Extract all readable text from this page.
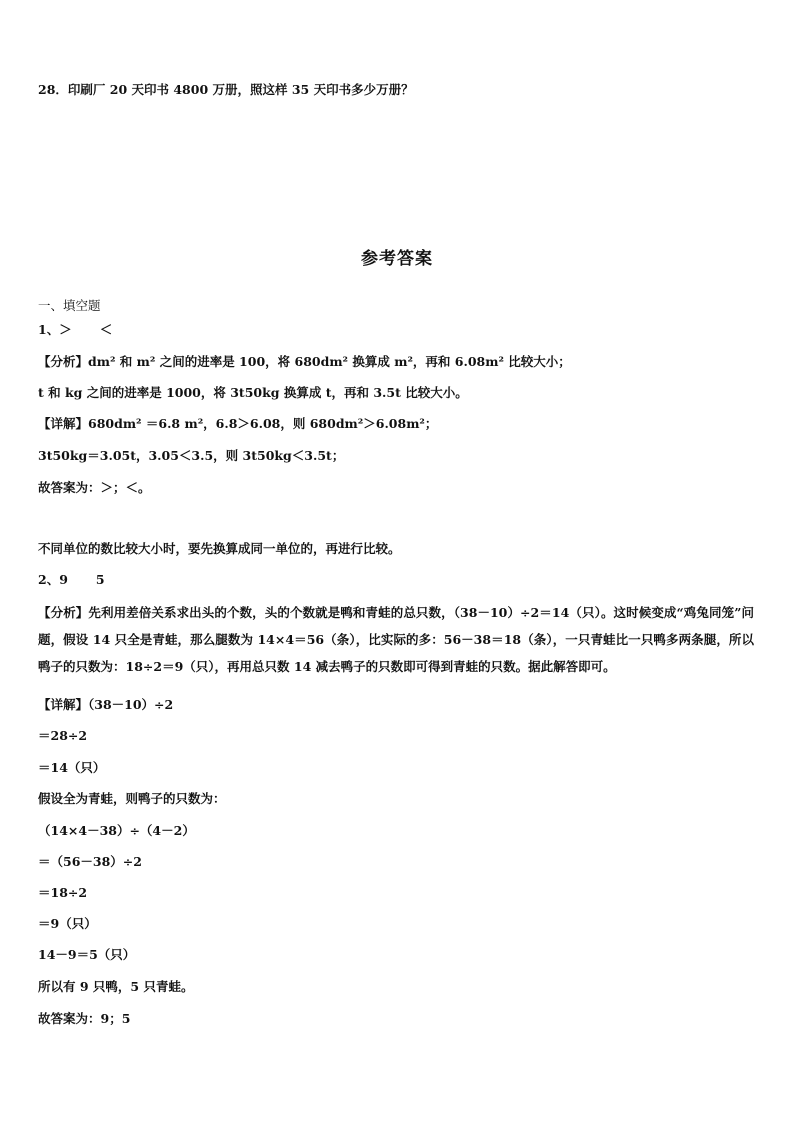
28．印刷厂 20 天印书 4800 万册，照这样 35 天印书多少万册？
参考答案
一、填空题
1、＞ ＜
【分析】dm² 和 m² 之间的进率是 100，将 680dm² 换算成 m²，再和 6.08m² 比较大小；
t 和 kg 之间的进率是 1000，将 3t50kg 换算成 t，再和 3.5t 比较大小。
【详解】680dm² ＝6.8 m²，6.8＞6.08，则 680dm²＞6.08m²；
3t50kg＝3.05t，3.05＜3.5，则 3t50kg＜3.5t；
故答案为：＞；＜。
不同单位的数比较大小时，要先换算成同一单位的，再进行比较。
2、9 5
【分析】先利用差倍关系求出头的个数，头的个数就是鸭和青蛙的总只数，（38－10）÷2＝14（只）。这时候变成“鸡兔同笼”问题，假设 14 只全是青蛙，那么腿数为 14×4＝56（条），比实际的多：56－38＝18（条），一只青蛙比一只鸭多两条腿，所以鸭子的只数为：18÷2＝9（只），再用总只数 14 减去鸭子的只数即可得到青蛙的只数。据此解答即可。
【详解】（38－10）÷2
＝28÷2
＝14（只）
假设全为青蛙，则鸭子的只数为：
（14×4－38）÷（4－2）
＝（56－38）÷2
＝18÷2
＝9（只）
14－9＝5（只）
所以有 9 只鸭，5 只青蛙。
故答案为：9；5
